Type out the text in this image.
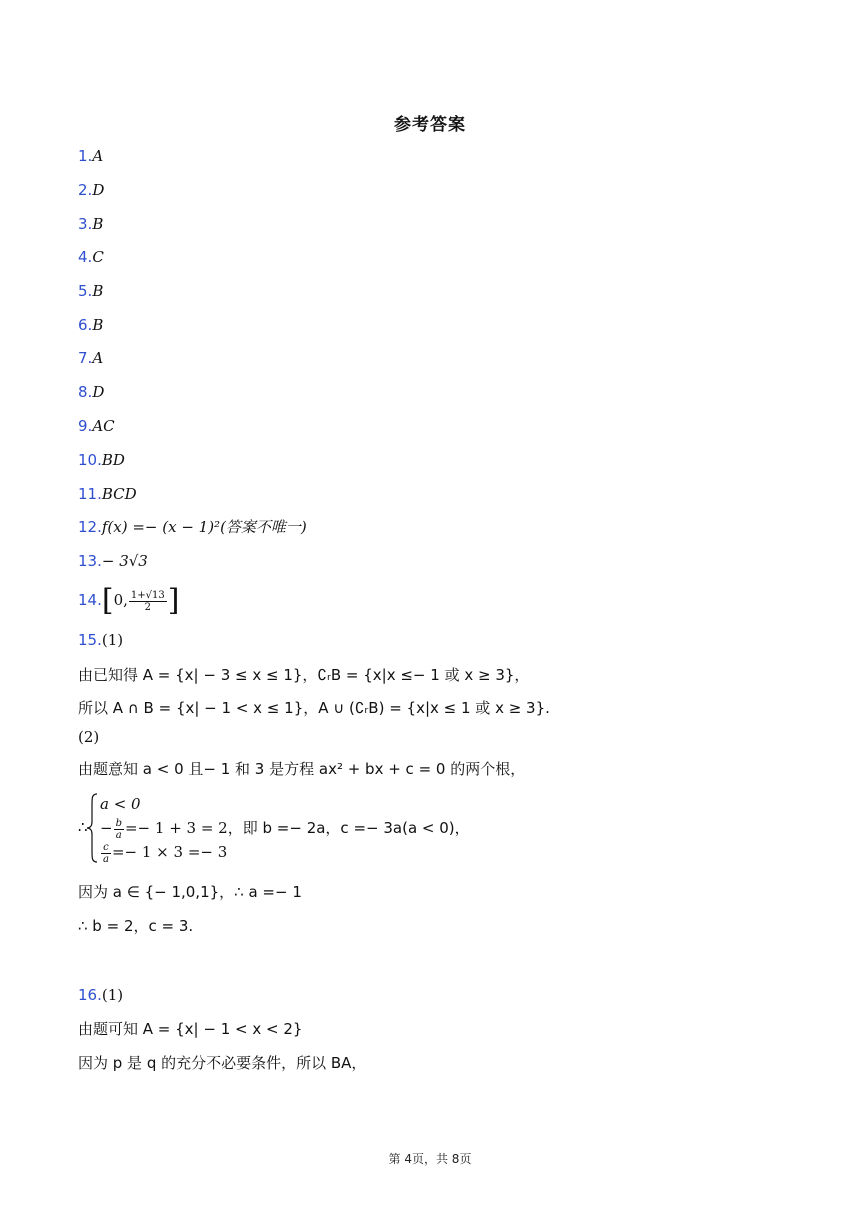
参考答案
1.A
2.D
3.B
4.C
5.B
6.B
7.A
8.D
9.AC
10.BD
11.BCD
12.f(x) =− (x − 1)²(答案不唯一)
13.− 3√3
14.[0, $\frac{1+√13}{2}$ ]
15.(1)
由已知得 A = {x| − 3 ≤ x ≤ 1}，∁ᵣB = {x|x ≤− 1 或 x ≥ 3}，
所以 A ∩ B = {x| − 1 < x ≤ 1}，A ∪ (∁ᵣB) = {x|x ≤ 1 或 x ≥ 3}.
(2)
由题意知 a < 0 且− 1 和 3 是方程 ax² + bx + c = 0 的两个根，
∴
a < 0
− $\frac{b}{a} =- 1 + 3 = 2$，即 b =− 2a，c =− 3a(a < 0)，
$\frac{c}{a} =- 1 \times 3 =- 3$
因为 a ∈ {− 1,0,1}，∴ a =− 1
∴ b = 2，c = 3.
16.(1)
由题可知 A = {x| − 1 < x < 2}
因为 p 是 q 的充分不必要条件，所以 BA，
第 4页，共 8页
